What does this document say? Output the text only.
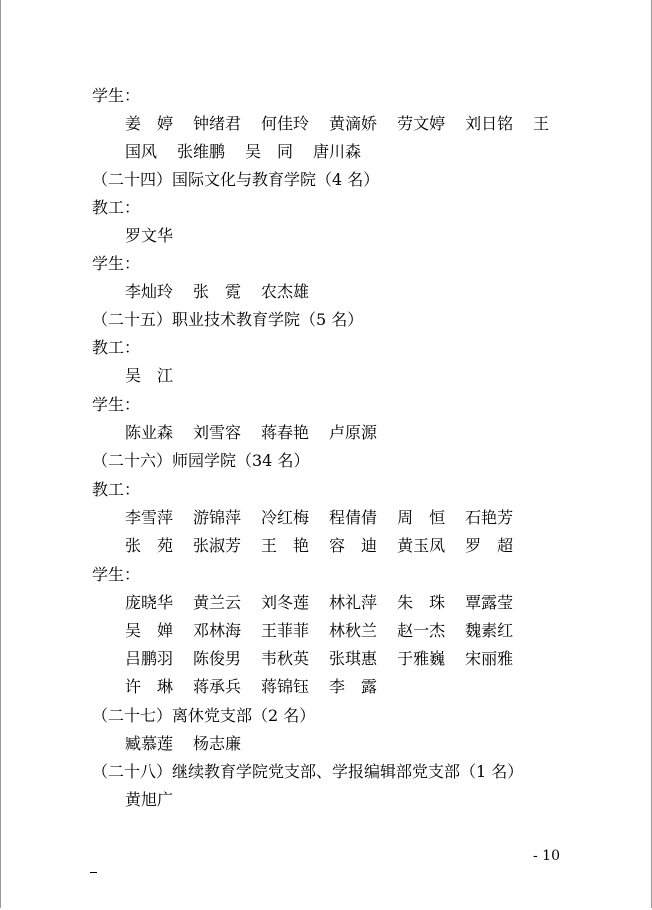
学生：
姜　婷 钟绪君 何佳玲 黄滴娇 劳文婷 刘日铭 王
国风 张维鹏 吴　同 唐川森
（二十四）国际文化与教育学院（4 名）
教工：
罗文华
学生：
李灿玲 张　霓 农杰雄
（二十五）职业技术教育学院（5 名）
教工：
吴　江
学生：
陈业森 刘雪容 蒋春艳 卢原源
（二十六）师园学院（34 名）
教工：
李雪萍 游锦萍 冷红梅 程倩倩 周　恒 石艳芳
张　苑 张淑芳 王　艳 容　迪 黄玉凤 罗　超
学生：
庞晓华 黄兰云 刘冬莲 林礼萍 朱　珠 覃露莹
吴　婵 邓林海 王菲菲 林秋兰 赵一杰 魏素红
吕鹏羽 陈俊男 韦秋英 张琪惠 于雅巍 宋丽雅
许　琳 蒋承兵 蒋锦钰 李　露
（二十七）离休党支部（2 名）
臧慕莲 杨志廉
（二十八）继续教育学院党支部、学报编辑部党支部（1 名）
黄旭广
- 10
